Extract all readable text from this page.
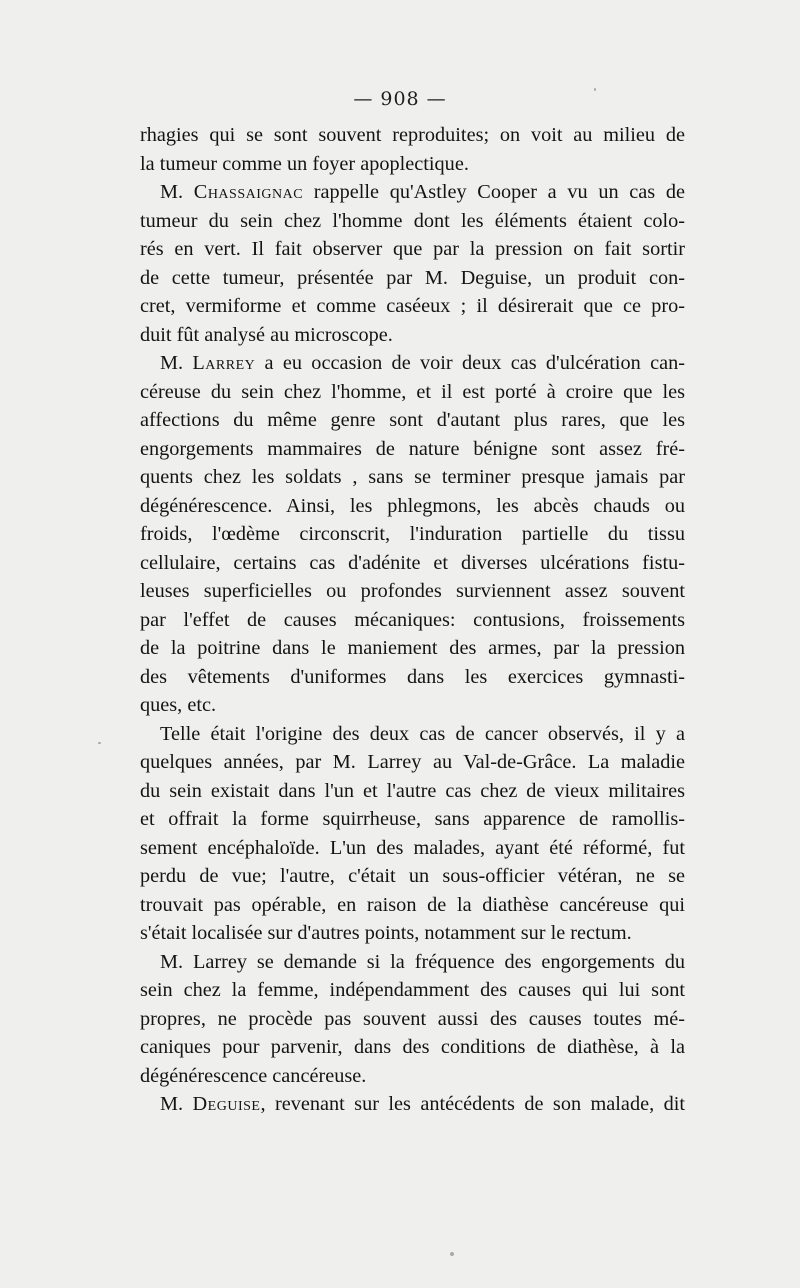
— 908 —
rhagies qui se sont souvent reproduites; on voit au milieu de
la tumeur comme un foyer apoplectique.
M. Chassaignac rappelle qu'Astley Cooper a vu un cas de
tumeur du sein chez l'homme dont les éléments étaient colo-
rés en vert. Il fait observer que par la pression on fait sortir
de cette tumeur, présentée par M. Deguise, un produit con-
cret, vermiforme et comme caséeux ; il désirerait que ce pro-
duit fût analysé au microscope.
M. Larrey a eu occasion de voir deux cas d'ulcération can-
céreuse du sein chez l'homme, et il est porté à croire que les
affections du même genre sont d'autant plus rares, que les
engorgements mammaires de nature bénigne sont assez fré-
quents chez les soldats , sans se terminer presque jamais par
dégénérescence. Ainsi, les phlegmons, les abcès chauds ou
froids, l'œdème circonscrit, l'induration partielle du tissu
cellulaire, certains cas d'adénite et diverses ulcérations fistu-
leuses superficielles ou profondes surviennent assez souvent
par l'effet de causes mécaniques: contusions, froissements
de la poitrine dans le maniement des armes, par la pression
des vêtements d'uniformes dans les exercices gymnasti-
ques, etc.
Telle était l'origine des deux cas de cancer observés, il y a
quelques années, par M. Larrey au Val-de-Grâce. La maladie
du sein existait dans l'un et l'autre cas chez de vieux militaires
et offrait la forme squirrheuse, sans apparence de ramollis-
sement encéphaloïde. L'un des malades, ayant été réformé, fut
perdu de vue; l'autre, c'était un sous-officier vétéran, ne se
trouvait pas opérable, en raison de la diathèse cancéreuse qui
s'était localisée sur d'autres points, notamment sur le rectum.
M. Larrey se demande si la fréquence des engorgements du
sein chez la femme, indépendamment des causes qui lui sont
propres, ne procède pas souvent aussi des causes toutes mé-
caniques pour parvenir, dans des conditions de diathèse, à la
dégénérescence cancéreuse.
M. Deguise, revenant sur les antécédents de son malade, dit
